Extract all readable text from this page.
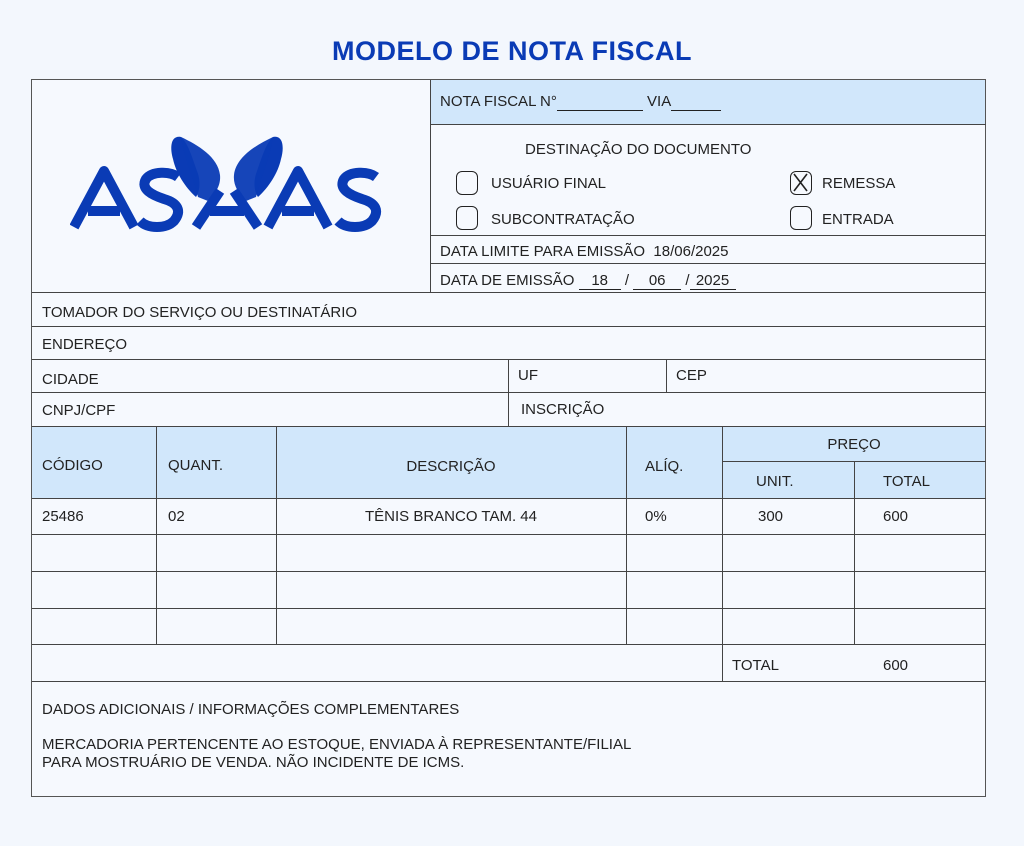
MODELO DE NOTA FISCAL
NOTA FISCAL N°	VIA
DESTINAÇÃO DO DOCUMENTO
USUÁRIO FINAL	REMESSA
SUBCONTRATAÇÃO	ENTRADA
DATA LIMITE PARA EMISSÃO 18/06/2025
DATA DE EMISSÃO 18 / 06 / 2025
TOMADOR DO SERVIÇO OU DESTINATÁRIO
ENDEREÇO
CIDADE	UF	CEP
CNPJ/CPF	INSCRIÇÃO
CÓDIGO	QUANT.	DESCRIÇÃO	ALÍQ.
PREÇO
UNIT.	TOTAL
25486	02	TÊNIS BRANCO TAM. 44	0%	300	600
TOTAL	600
DADOS ADICIONAIS / INFORMAÇÕES COMPLEMENTARES
MERCADORIA PERTENCENTE AO ESTOQUE, ENVIADA À REPRESENTANTE/FILIAL
PARA MOSTRUÁRIO DE VENDA. NÃO INCIDENTE DE ICMS.
